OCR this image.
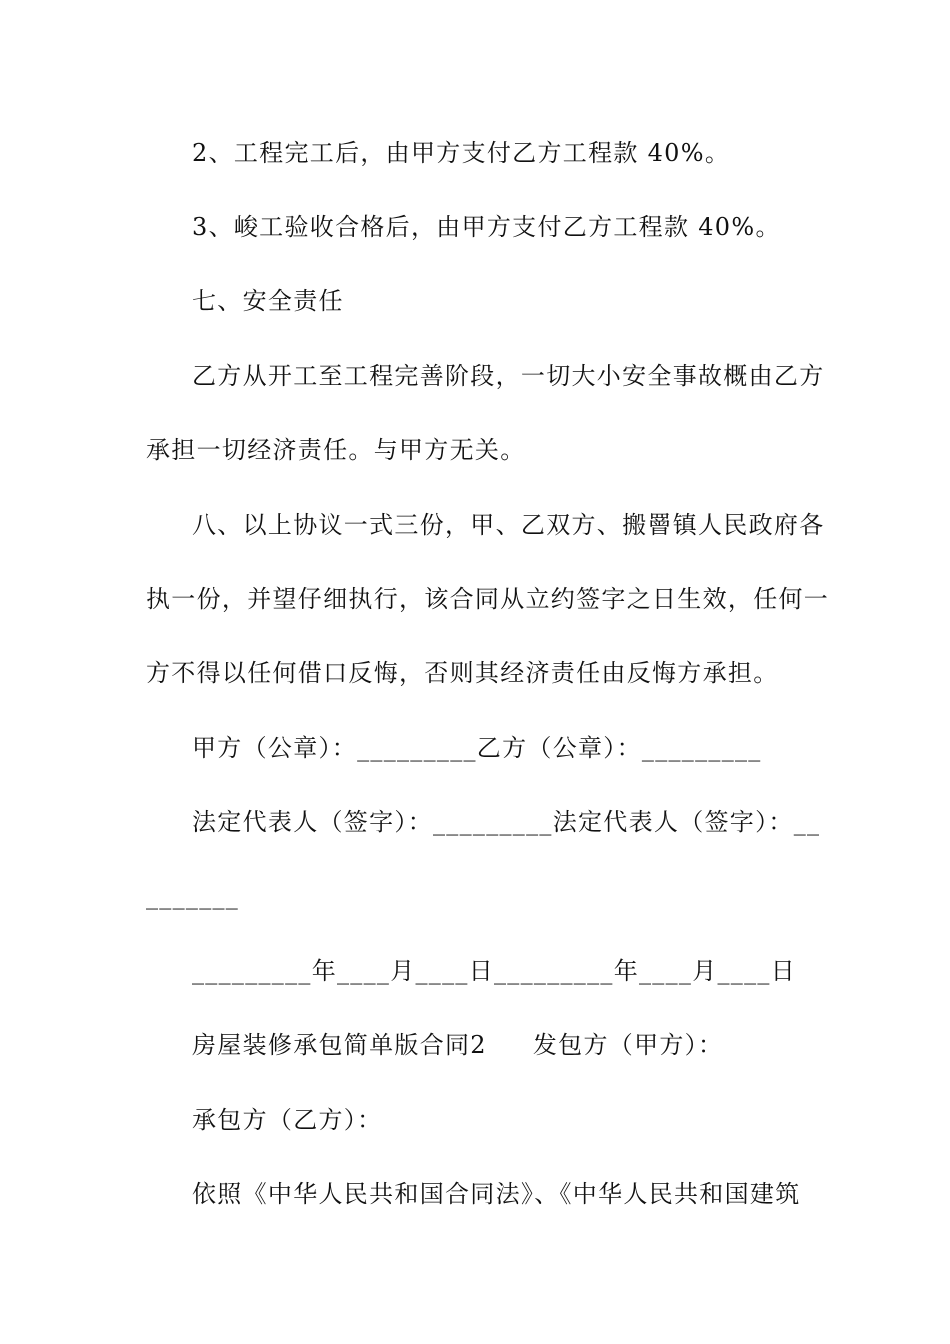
2、工程完工后，由甲方支付乙方工程款 40%。
3、峻工验收合格后，由甲方支付乙方工程款 40%。
七、安全责任
乙方从开工至工程完善阶段，一切大小安全事故概由乙方
承担一切经济责任。与甲方无关。
八、以上协议一式三份，甲、乙双方、搬罾镇人民政府各
执一份，并望仔细执行，该合同从立约签字之日生效，任何一
方不得以任何借口反悔，否则其经济责任由反悔方承担。
甲方（公章）：_________乙方（公章）：_________
法定代表人（签字）：_________法定代表人（签字）：__
_______
_________年____月____日_________年____月____日
房屋装修承包简单版合同2 发包方（甲方）：
承包方（乙方）：
依照《中华人民共和国合同法》、《中华人民共和国建筑
